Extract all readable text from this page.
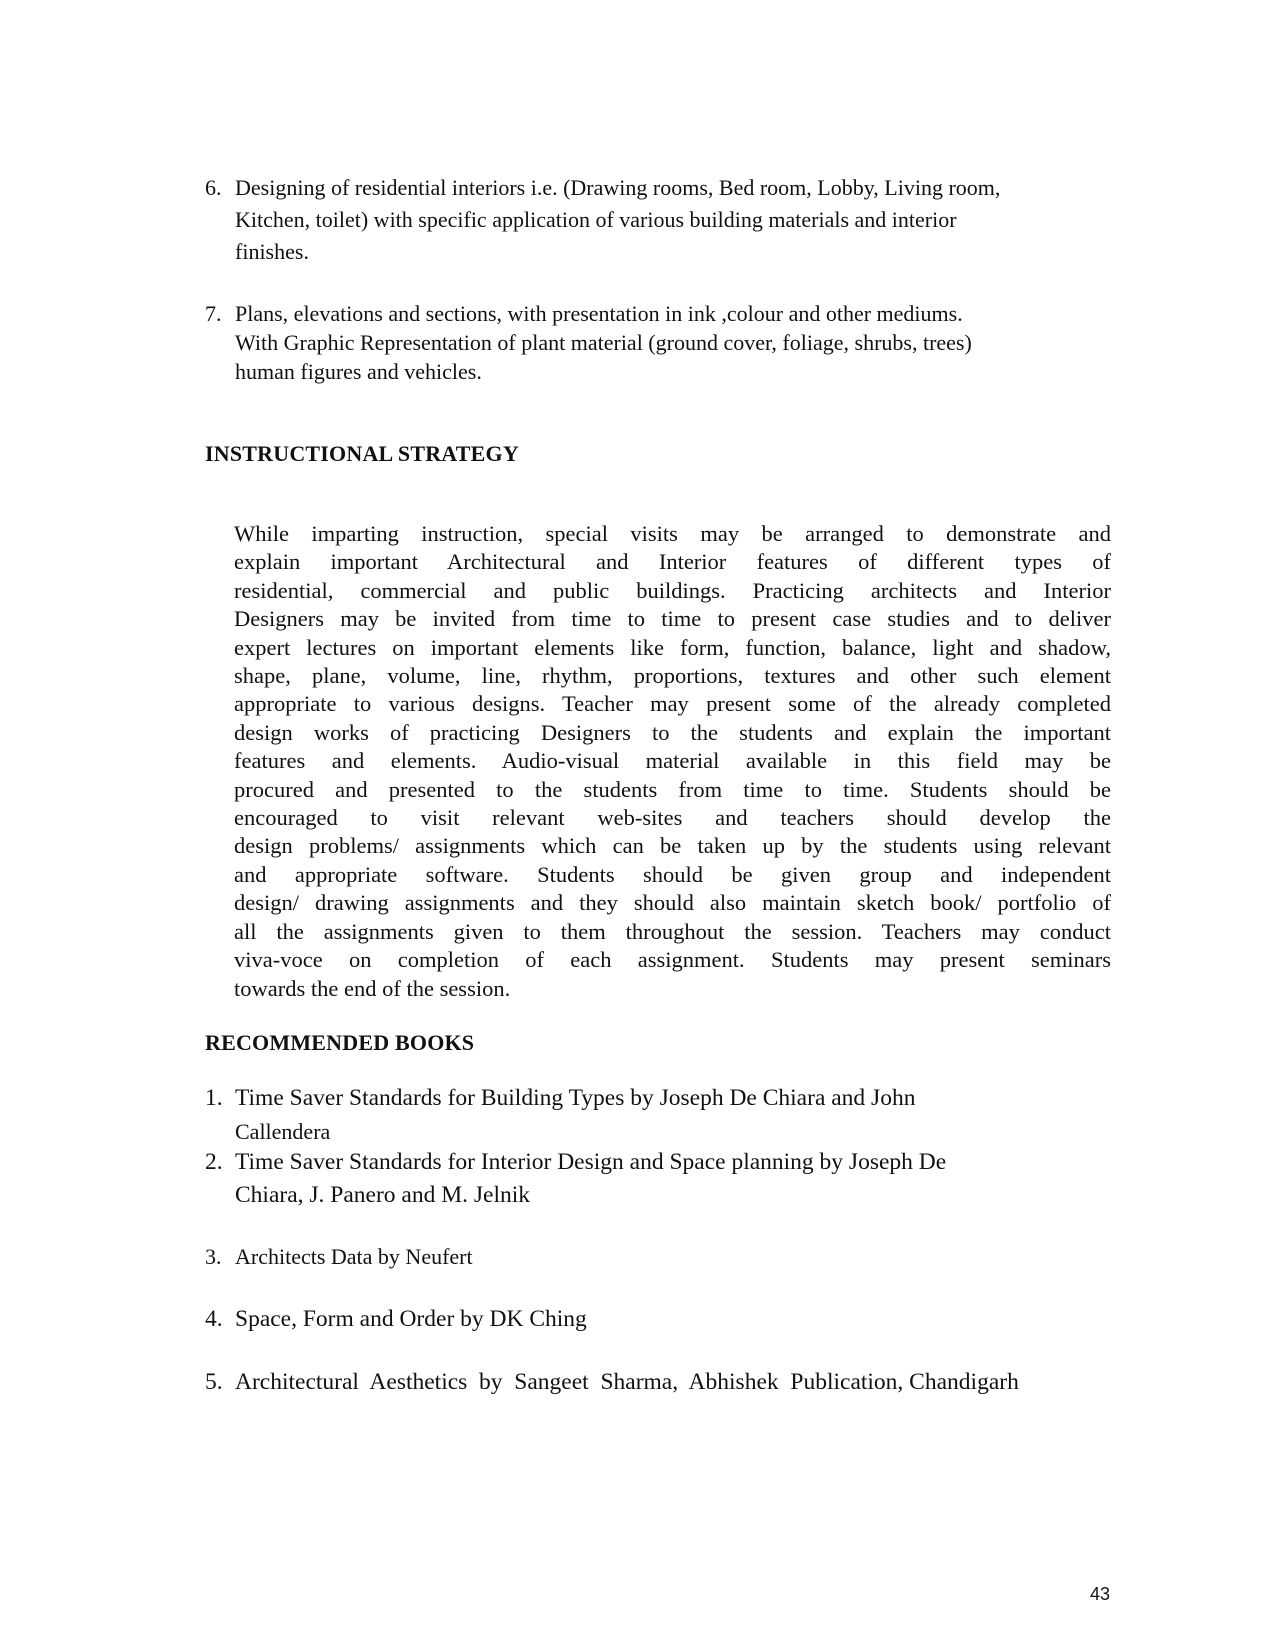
6. Designing of residential interiors i.e. (Drawing rooms, Bed room, Lobby, Living room,
Kitchen, toilet) with specific application of various building materials and interior
finishes.
7. Plans, elevations and sections, with presentation in ink ,colour and other mediums.
With Graphic Representation of plant material (ground cover, foliage, shrubs, trees)
human figures and vehicles.
INSTRUCTIONAL STRATEGY
While imparting instruction, special visits may be arranged to demonstrate and
explain important Architectural and Interior features of different types of
residential, commercial and public buildings. Practicing architects and Interior
Designers may be invited from time to time to present case studies and to deliver
expert lectures on important elements like form, function, balance, light and shadow,
shape, plane, volume, line, rhythm, proportions, textures and other such element
appropriate to various designs. Teacher may present some of the already completed
design works of practicing Designers to the students and explain the important
features and elements. Audio-visual material available in this field may be
procured and presented to the students from time to time. Students should be
encouraged to visit relevant web-sites and teachers should develop the
design problems/ assignments which can be taken up by the students using relevant
and appropriate software. Students should be given group and independent
design/ drawing assignments and they should also maintain sketch book/ portfolio of
all the assignments given to them throughout the session. Teachers may conduct
viva-voce on completion of each assignment. Students may present seminars
towards the end of the session.
RECOMMENDED BOOKS
1. Time Saver Standards for Building Types by Joseph De Chiara and John
Callendera
2. Time Saver Standards for Interior Design and Space planning by Joseph De
Chiara, J. Panero and M. Jelnik
3. Architects Data by Neufert
4. Space, Form and Order by DK Ching
5. Architectural  Aesthetics  by  Sangeet  Sharma,  Abhishek  Publication, Chandigarh
43
